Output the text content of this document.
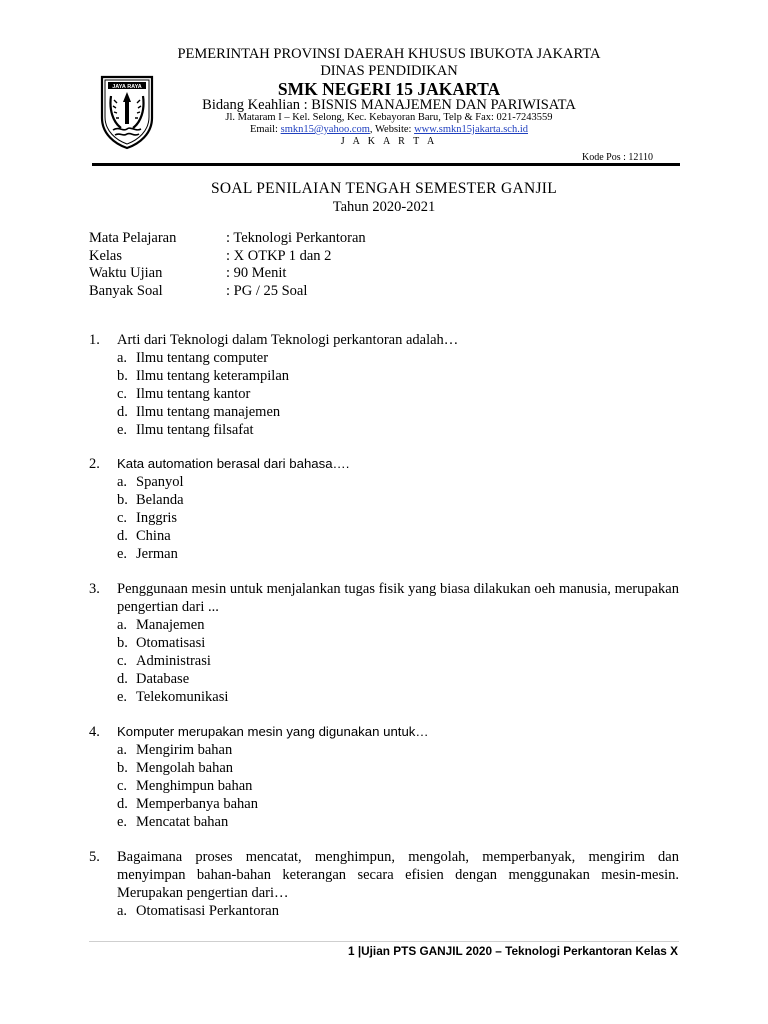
JAYA RAYA
PEMERINTAH PROVINSI DAERAH KHUSUS IBUKOTA JAKARTA
DINAS PENDIDIKAN
SMK NEGERI 15 JAKARTA
Bidang Keahlian : BISNIS MANAJEMEN DAN PARIWISATA
Jl. Mataram I – Kel. Selong, Kec. Kebayoran Baru, Telp & Fax: 021-7243559
Email: smkn15@yahoo.com, Website: www.smkn15jakarta.sch.id
J A K A R T A
Kode Pos : 12110
SOAL PENILAIAN TENGAH SEMESTER GANJIL
Tahun 2020-2021
Mata Pelajaran	: Teknologi Perkantoran
Kelas	: X OTKP 1 dan 2
Waktu Ujian	: 90 Menit
Banyak Soal	: PG / 25 Soal
1. Arti dari Teknologi dalam Teknologi perkantoran adalah…
a. Ilmu tentang computer
b. Ilmu tentang keterampilan
c. Ilmu tentang kantor
d. Ilmu tentang manajemen
e. Ilmu tentang filsafat
2. Kata automation berasal dari bahasa….
a. Spanyol
b. Belanda
c. Inggris
d. China
e. Jerman
3. Penggunaan mesin untuk menjalankan tugas fisik yang biasa dilakukan oeh manusia, merupakan pengertian dari ...
a. Manajemen
b. Otomatisasi
c. Administrasi
d. Database
e. Telekomunikasi
4. Komputer merupakan mesin yang digunakan untuk…
a. Mengirim bahan
b. Mengolah bahan
c. Menghimpun bahan
d. Memperbanya bahan
e. Mencatat bahan
5. Bagaimana proses mencatat, menghimpun, mengolah, memperbanyak, mengirim dan menyimpan bahan-bahan keterangan secara efisien dengan menggunakan mesin-mesin. Merupakan pengertian dari…
a. Otomatisasi Perkantoran
1 |Ujian PTS GANJIL 2020 – Teknologi Perkantoran Kelas X
